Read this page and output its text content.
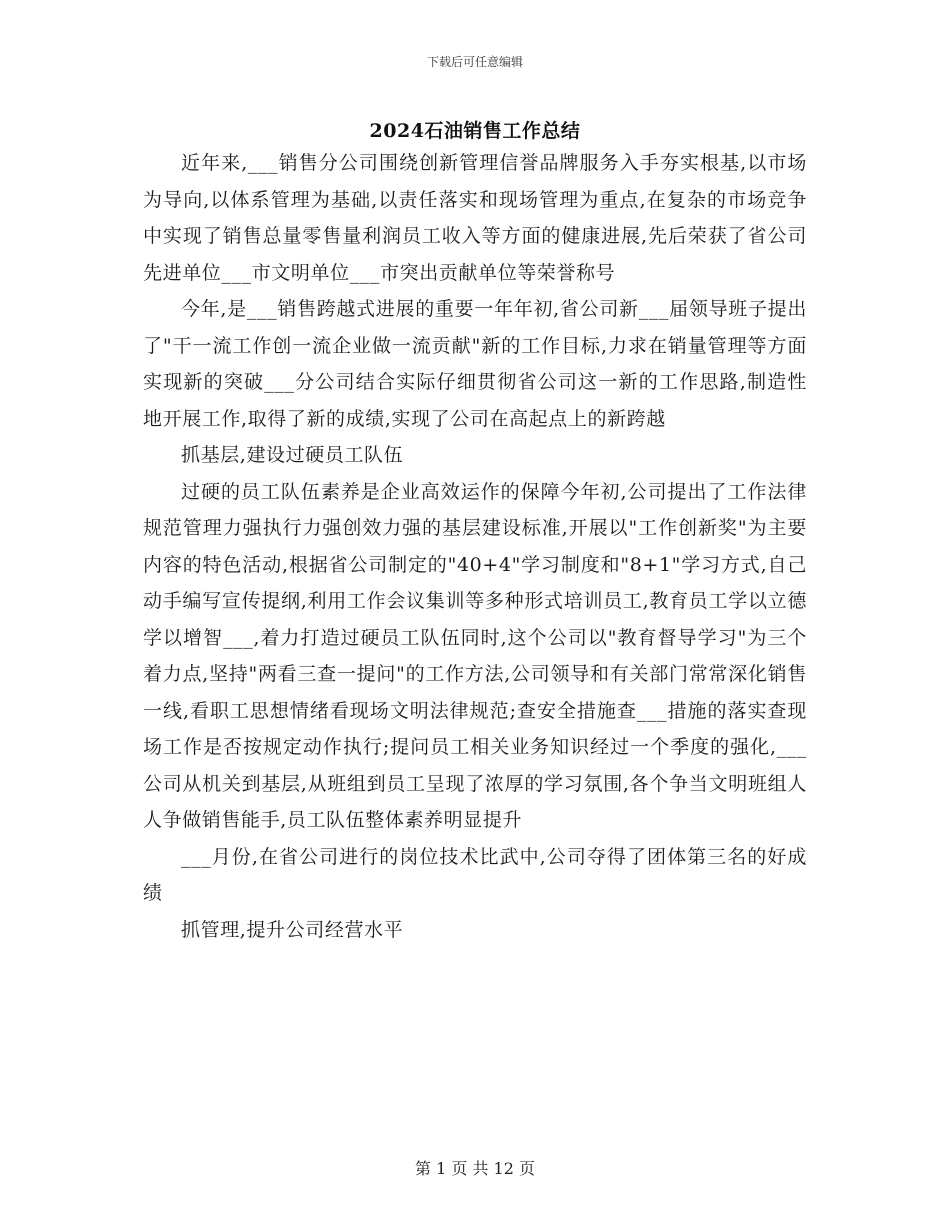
下载后可任意编辑
2024石油销售工作总结

近年来,___销售分公司围绕创新管理信誉品牌服务入手夯实根基,以市场为导向,以体系管理为基础,以责任落实和现场管理为重点,在复杂的市场竞争中实现了销售总量零售量利润员工收入等方面的健康进展,先后荣获了省公司先进单位___市文明单位___市突出贡献单位等荣誉称号

今年,是___销售跨越式进展的重要一年年初,省公司新___届领导班子提出了"干一流工作创一流企业做一流贡献"新的工作目标,力求在销量管理等方面实现新的突破___分公司结合实际仔细贯彻省公司这一新的工作思路,制造性地开展工作,取得了新的成绩,实现了公司在高起点上的新跨越

抓基层,建设过硬员工队伍

过硬的员工队伍素养是企业高效运作的保障今年初,公司提出了工作法律规范管理力强执行力强创效力强的基层建设标准,开展以"工作创新奖"为主要内容的特色活动,根据省公司制定的"40+4"学习制度和"8+1"学习方式,自己动手编写宣传提纲,利用工作会议集训等多种形式培训员工,教育员工学以立德学以增智___,着力打造过硬员工队伍同时,这个公司以"教育督导学习"为三个着力点,坚持"两看三查一提问"的工作方法,公司领导和有关部门常常深化销售一线,看职工思想情绪看现场文明法律规范;查安全措施查___措施的落实查现场工作是否按规定动作执行;提问员工相关业务知识经过一个季度的强化,___公司从机关到基层,从班组到员工呈现了浓厚的学习氛围,各个争当文明班组人人争做销售能手,员工队伍整体素养明显提升

___月份,在省公司进行的岗位技术比武中,公司夺得了团体第三名的好成绩

抓管理,提升公司经营水平

第 1 页 共 12 页
